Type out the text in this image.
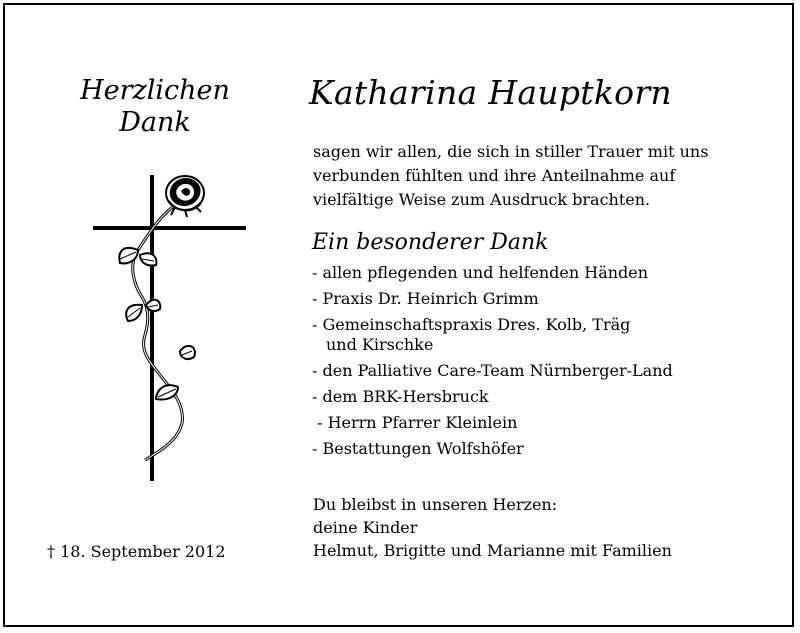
Herzlichen
Dank
Katharina Hauptkorn
sagen wir allen, die sich in stiller Trauer mit uns
verbunden fühlten und ihre Anteilnahme auf
vielfältige Weise zum Ausdruck brachten.
Ein besonderer Dank
- allen pflegenden und helfenden Händen
- Praxis Dr. Heinrich Grimm
- Gemeinschaftspraxis Dres. Kolb, Träg
und Kirschke
- den Palliative Care-Team Nürnberger-Land
- dem BRK-Hersbruck
- Herrn Pfarrer Kleinlein
- Bestattungen Wolfshöfer
Du bleibst in unseren Herzen:
deine Kinder
Helmut, Brigitte und Marianne mit Familien
† 18. September 2012
